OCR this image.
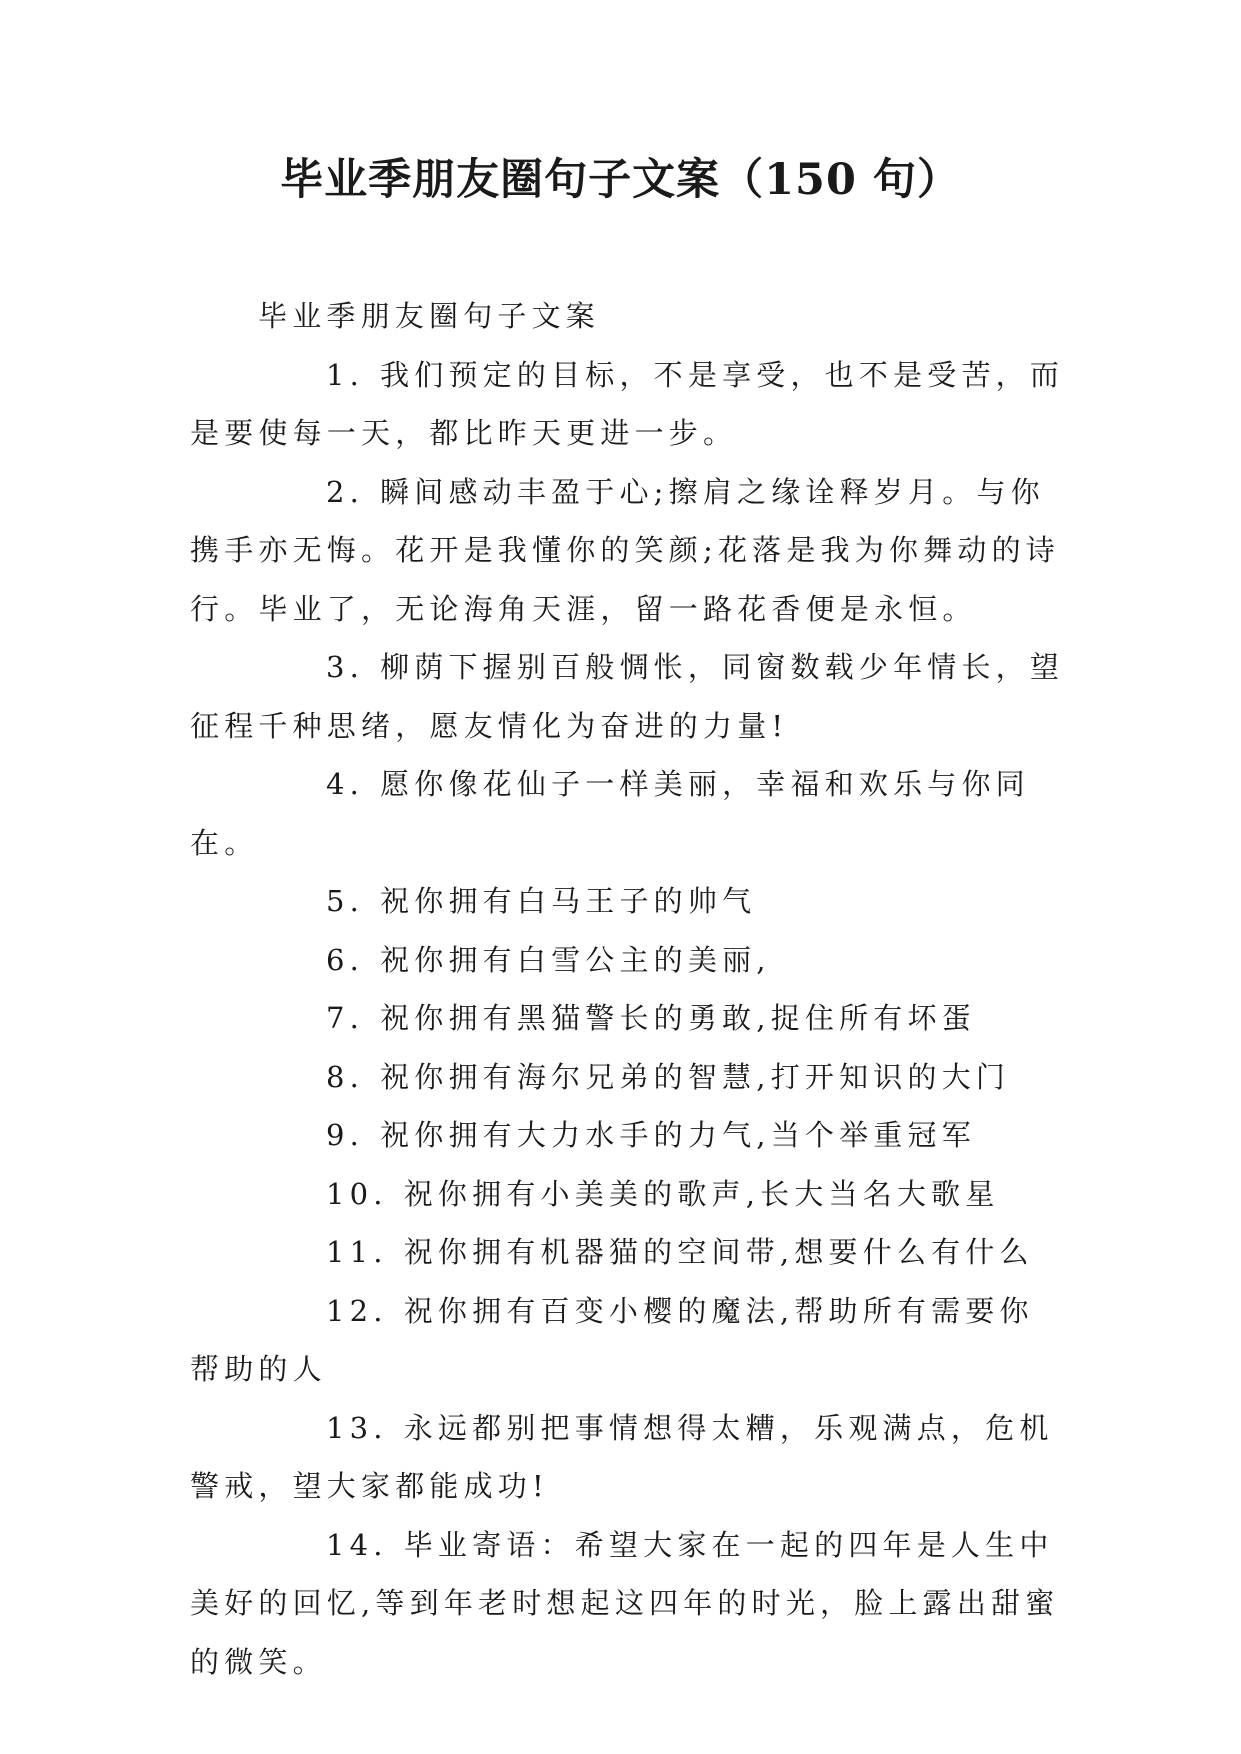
毕业季朋友圈句子文案（150 句）

毕业季朋友圈句子文案

1. 我们预定的目标，不是享受，也不是受苦，而是要使每一天，都比昨天更进一步。

2. 瞬间感动丰盈于心;擦肩之缘诠释岁月。与你携手亦无悔。花开是我懂你的笑颜;花落是我为你舞动的诗行。毕业了，无论海角天涯，留一路花香便是永恒。

3. 柳荫下握别百般惆怅，同窗数载少年情长，望征程千种思绪，愿友情化为奋进的力量!

4. 愿你像花仙子一样美丽，幸福和欢乐与你同在。

5. 祝你拥有白马王子的帅气

6. 祝你拥有白雪公主的美丽,

7. 祝你拥有黑猫警长的勇敢,捉住所有坏蛋

8. 祝你拥有海尔兄弟的智慧,打开知识的大门

9. 祝你拥有大力水手的力气,当个举重冠军

10. 祝你拥有小美美的歌声,长大当名大歌星

11. 祝你拥有机器猫的空间带,想要什么有什么

12. 祝你拥有百变小樱的魔法,帮助所有需要你帮助的人

13. 永远都别把事情想得太糟，乐观满点，危机警戒，望大家都能成功!

14. 毕业寄语：希望大家在一起的四年是人生中美好的回忆,等到年老时想起这四年的时光，脸上露出甜蜜的微笑。
